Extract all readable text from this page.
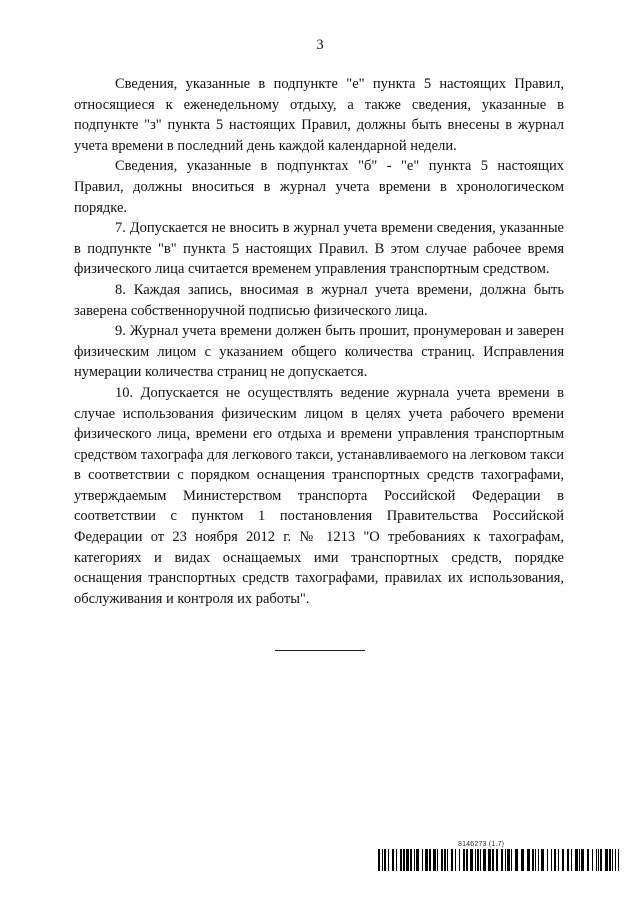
3

Сведения, указанные в подпункте "е" пункта 5 настоящих Правил, относящиеся к еженедельному отдыху, а также сведения, указанные в подпункте "з" пункта 5 настоящих Правил, должны быть внесены в журнал учета времени в последний день каждой календарной недели.

Сведения, указанные в подпунктах "б" - "е" пункта 5 настоящих Правил, должны вноситься в журнал учета времени в хронологическом порядке.

7. Допускается не вносить в журнал учета времени сведения, указанные в подпункте "в" пункта 5 настоящих Правил. В этом случае рабочее время физического лица считается временем управления транспортным средством.

8. Каждая запись, вносимая в журнал учета времени, должна быть заверена собственноручной подписью физического лица.

9. Журнал учета времени должен быть прошит, пронумерован и заверен физическим лицом с указанием общего количества страниц. Исправления нумерации количества страниц не допускается.

10. Допускается не осуществлять ведение журнала учета времени в случае использования физическим лицом в целях учета рабочего времени физического лица, времени его отдыха и времени управления транспортным средством тахографа для легкового такси, устанавливаемого на легковом такси в соответствии с порядком оснащения транспортных средств тахографами, утверждаемым Министерством транспорта Российской Федерации в соответствии с пунктом 1 постановления Правительства Российской Федерации от 23 ноября 2012 г. № 1213 "О требованиях к тахографам, категориях и видах оснащаемых ими транспортных средств, порядке оснащения транспортных средств тахографами, правилах их использования, обслуживания и контроля их работы".

8146273 (1.7)
